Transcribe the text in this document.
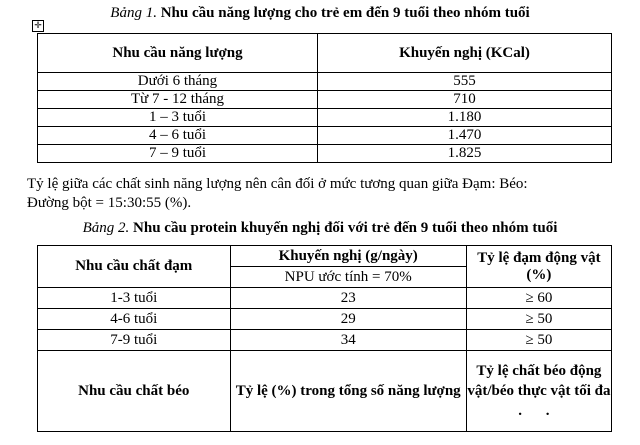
Bảng 1. Nhu cầu năng lượng cho trẻ em đến 9 tuổi theo nhóm tuổi
✛
Nhu cầu năng lượng	Khuyến nghị (KCal)
Dưới 6 tháng	555
Từ 7 - 12 tháng	710
1 – 3 tuổi	1.180
4 – 6 tuổi	1.470
7 – 9 tuổi	1.825
Tỷ lệ giữa các chất sinh năng lượng nên cân đối ở mức tương quan giữa Đạm: Béo:
Đường bột = 15:30:55 (%).
Bảng 2. Nhu cầu protein khuyến nghị đối với trẻ đến 9 tuổi theo nhóm tuổi
Nhu cầu chất đạm	Khuyến nghị (g/ngày)	Tỷ lệ đạm động vật (%)
	NPU ước tính = 70%	
1-3 tuổi	23	≥ 60
4-6 tuổi	29	≥ 50
7-9 tuổi	34	≥ 50
Nhu cầu chất béo	Tỷ lệ (%) trong tổng số năng lượng	Tỷ lệ chất béo động vật/béo thực vật tối đa
. .
